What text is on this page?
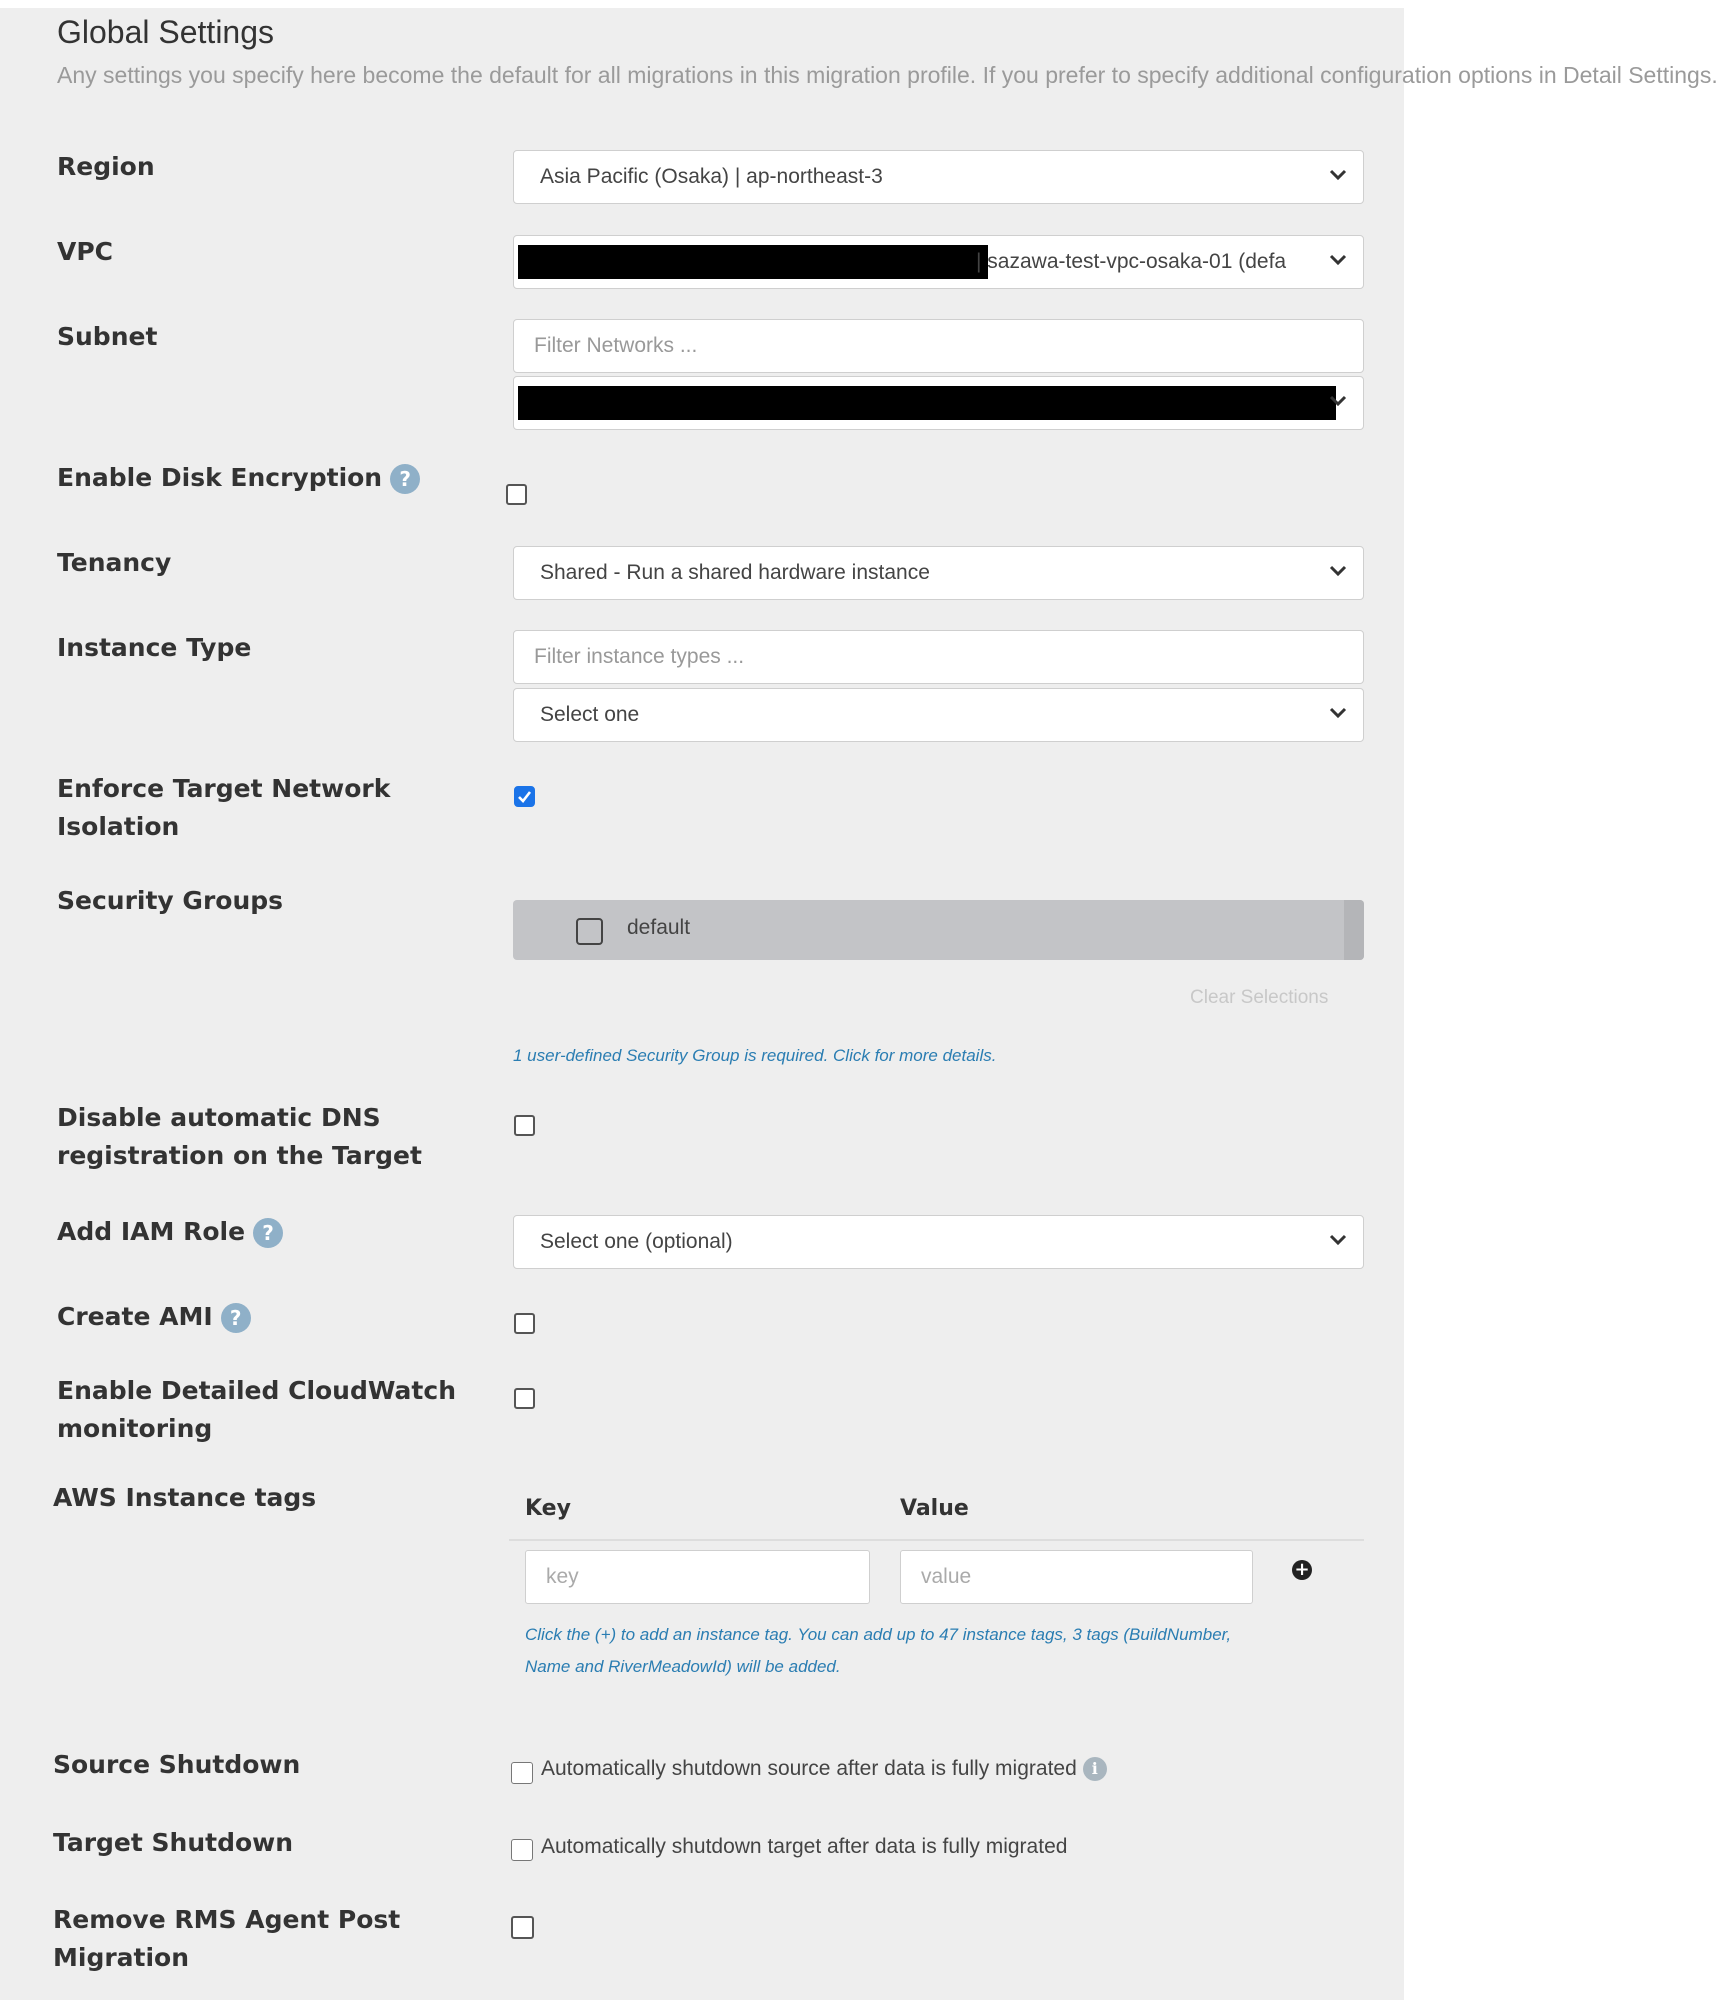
Global Settings
Any settings you specify here become the default for all migrations in this migration profile. If you prefer to specify additional configuration options in Detail Settings.
Region	Asia Pacific (Osaka) | ap-northeast-3
VPC	| sazawa-test-vpc-osaka-01 (defa
Subnet	Filter Networks ...
Enable Disk Encryption ?
Tenancy	Shared - Run a shared hardware instance
Instance Type	Filter instance types ...
Select one
Enforce Target Network
Isolation
Security Groups
default
Clear Selections
1 user-defined Security Group is required. Click for more details.
Disable automatic DNS
registration on the Target
Add IAM Role ?	Select one (optional)
Create AMI ?
Enable Detailed CloudWatch
monitoring
AWS Instance tags	Key	Value
key	value	+
Click the (+) to add an instance tag. You can add up to 47 instance tags, 3 tags (BuildNumber,
Name and RiverMeadowId) will be added.
Source Shutdown	Automatically shutdown source after data is fully migrated i
Target Shutdown	Automatically shutdown target after data is fully migrated
Remove RMS Agent Post
Migration
